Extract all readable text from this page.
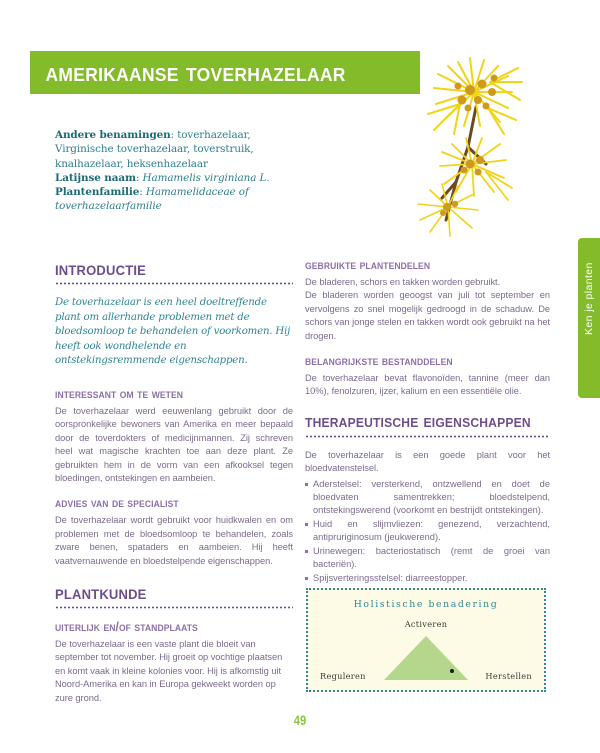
Ken je planten
amerikaanse toverhazelaar
Andere benamingen: toverhazelaar, Virginische toverhazelaar, toverstruik, knalhazelaar, heksenhazelaar
Latijnse naam: Hamamelis virginiana L.
Plantenfamilie: Hamamelidaceae of toverhazelaarfamilie
introductie

De toverhazelaar is een heel doeltreffende plant om allerhande problemen met de bloedsomloop te behandelen of voorkomen. Hij heeft ook wondhelende en ontstekingsremmende eigenschappen.

interessant om te weten

De toverhazelaar werd eeuwenlang gebruikt door de oorspronkelijke bewoners van Amerika en meer bepaald door de toverdokters of medicijnmannen. Zij schreven heel wat magische krachten toe aan deze plant. Ze gebruikten hem in de vorm van een afkooksel tegen bloedingen, ontstekingen en aambeien.

advies van de specialist

De toverhazelaar wordt gebruikt voor huidkwalen en om problemen met de bloedsomloop te behandelen, zoals zware benen, spataders en aambeien. Hij heeft vaatvernauwende en bloedstelpende eigenschappen.

plantkunde
uiterlijk en/of standplaats

De toverhazelaar is een vaste plant die bloeit van september tot november. Hij groeit op vochtige plaatsen en komt vaak in kleine kolonies voor. Hij is afkomstig uit Noord-Amerika en kan in Europa gekweekt worden op zure grond.

gebruikte plantendelen

De bladeren, schors en takken worden gebruikt.

De bladeren worden geoogst van juli tot september en vervolgens zo snel mogelijk gedroogd in de schaduw. De schors van jonge stelen en takken wordt ook gebruikt na het drogen.

belangrijkste bestanddelen

De toverhazelaar bevat flavonoïden, tannine (meer dan 10%), fenolzuren, ijzer, kalium en een essentiële olie.

therapeutische eigenschappen

De toverhazelaar is een goede plant voor het bloedvatenstelsel.

Aderstelsel: versterkend, ontzwellend en doet de bloedvaten samentrekken; bloedstelpend, ontstekingswerend (voorkomt en bestrijdt ontstekingen).
Huid en slijmvliezen: genezend, verzachtend, antipruriginosum (jeukwerend).
Urinewegen: bacteriostatisch (remt de groei van bacteriën).
Spijsverteringsstelsel: diarreestopper.
Holistische benadering
Activeren
Reguleren	Herstellen
49
